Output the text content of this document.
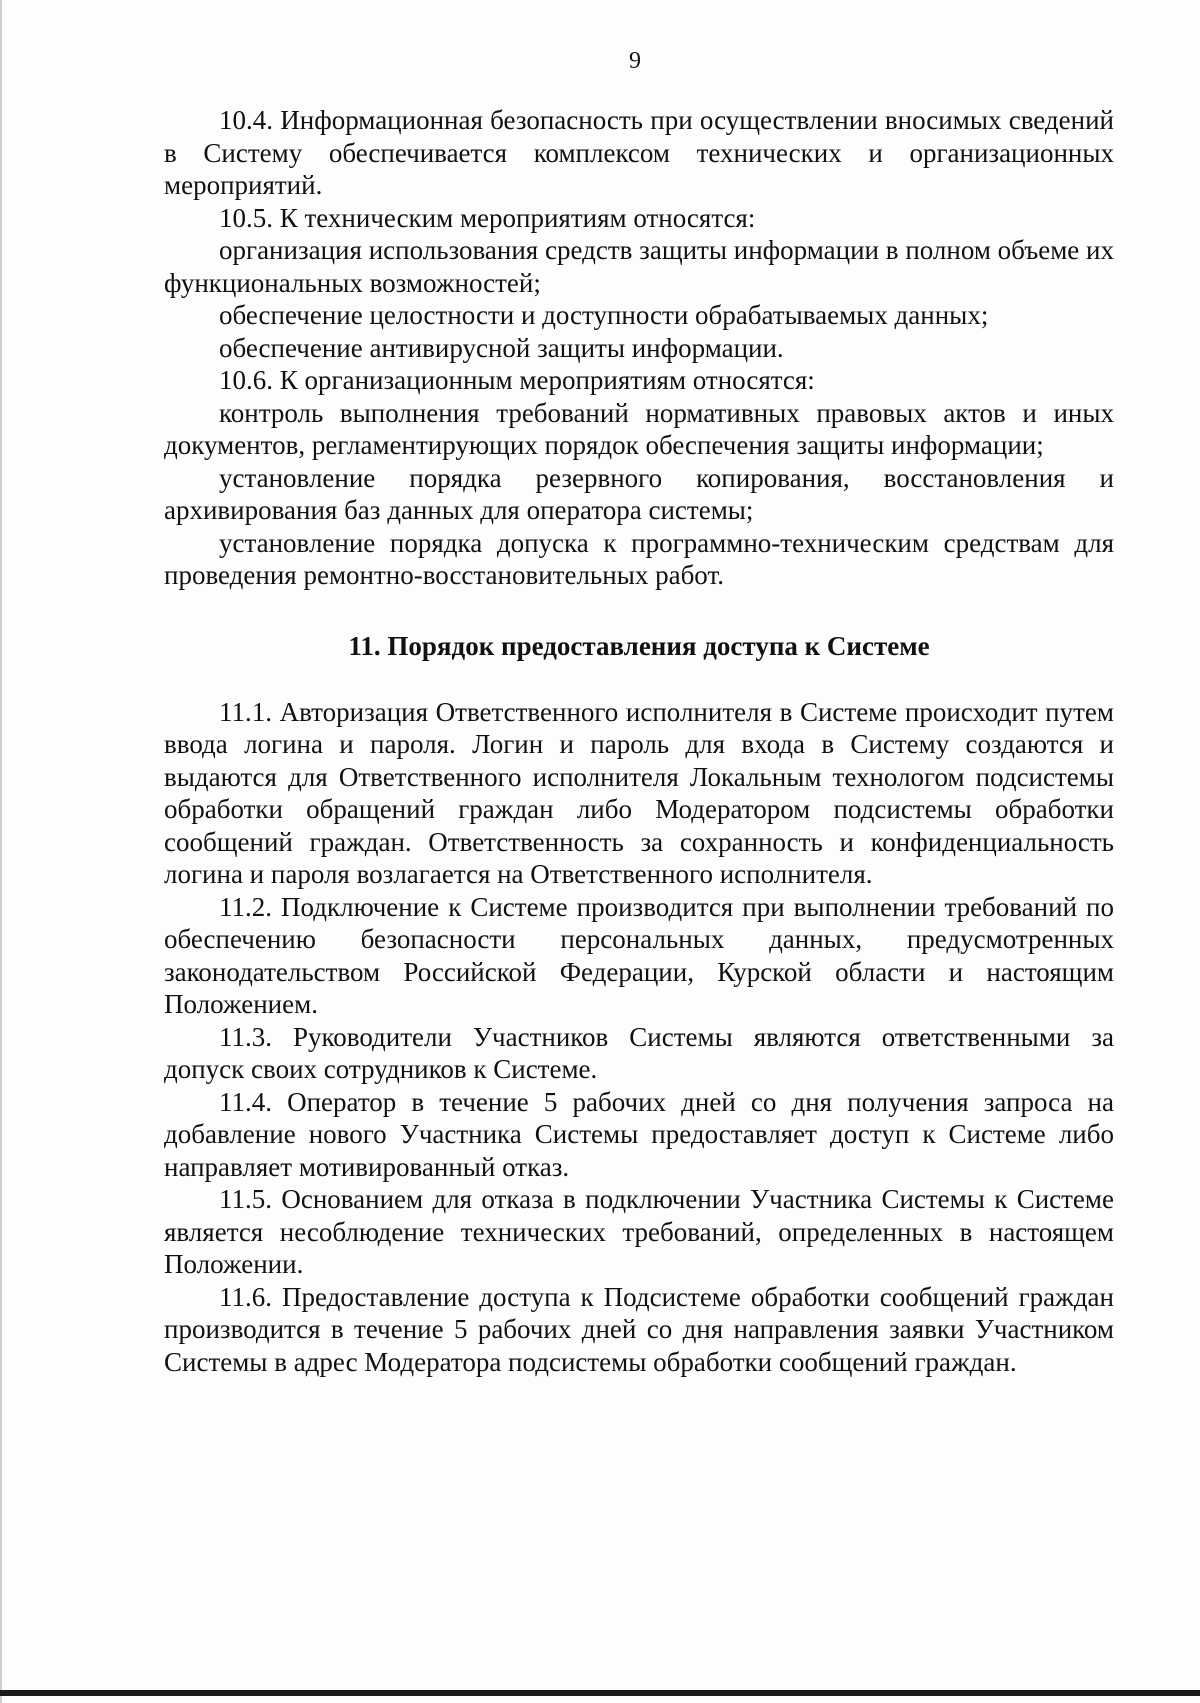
9

10.4. Информационная безопасность при осуществлении вносимых сведений в Систему обеспечивается комплексом технических и организационных мероприятий.

10.5. К техническим мероприятиям относятся:

организация использования средств защиты информации в полном объеме их функциональных возможностей;

обеспечение целостности и доступности обрабатываемых данных;

обеспечение антивирусной защиты информации.

10.6. К организационным мероприятиям относятся:

контроль выполнения требований нормативных правовых актов и иных документов, регламентирующих порядок обеспечения защиты информации;

установление порядка резервного копирования, восстановления и архивирования баз данных для оператора системы;

установление порядка допуска к программно-техническим средствам для проведения ремонтно-восстановительных работ.

11. Порядок предоставления доступа к Системе

11.1. Авторизация Ответственного исполнителя в Системе происходит путем ввода логина и пароля. Логин и пароль для входа в Систему создаются и выдаются для Ответственного исполнителя Локальным технологом подсистемы обработки обращений граждан либо Модератором подсистемы обработки сообщений граждан. Ответственность за сохранность и конфиденциальность логина и пароля возлагается на Ответственного исполнителя.

11.2. Подключение к Системе производится при выполнении требований по обеспечению безопасности персональных данных, предусмотренных законодательством Российской Федерации, Курской области и настоящим Положением.

11.3. Руководители Участников Системы являются ответственными за допуск своих сотрудников к Системе.

11.4. Оператор в течение 5 рабочих дней со дня получения запроса на добавление нового Участника Системы предоставляет доступ к Системе либо направляет мотивированный отказ.

11.5. Основанием для отказа в подключении Участника Системы к Системе является несоблюдение технических требований, определенных в настоящем Положении.

11.6. Предоставление доступа к Подсистеме обработки сообщений граждан производится в течение 5 рабочих дней со дня направления заявки Участником Системы в адрес Модератора подсистемы обработки сообщений граждан.
